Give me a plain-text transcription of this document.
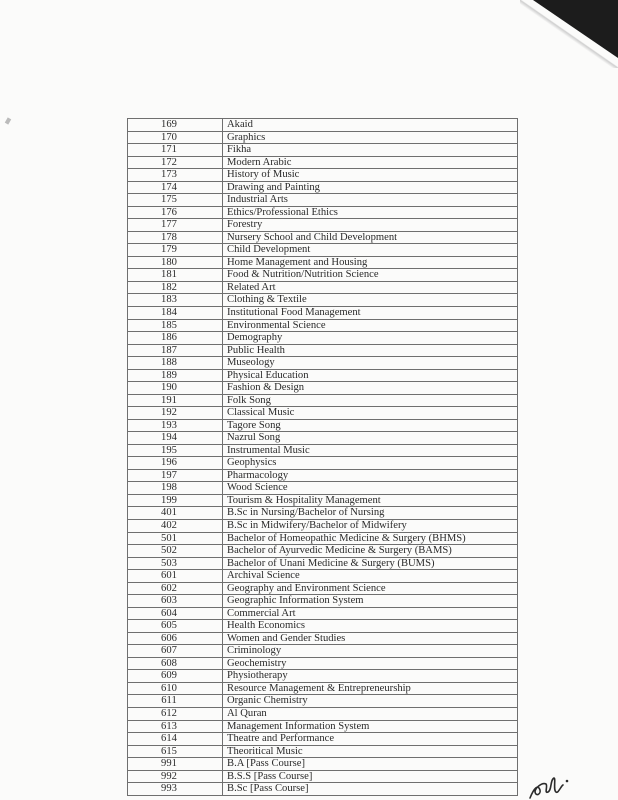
169	Akaid
170	Graphics
171	Fikha
172	Modern Arabic
173	History of Music
174	Drawing and Painting
175	Industrial Arts
176	Ethics/Professional Ethics
177	Forestry
178	Nursery School and Child Development
179	Child Development
180	Home Management and Housing
181	Food & Nutrition/Nutrition Science
182	Related Art
183	Clothing & Textile
184	Institutional Food Management
185	Environmental Science
186	Demography
187	Public Health
188	Museology
189	Physical Education
190	Fashion & Design
191	Folk Song
192	Classical Music
193	Tagore Song
194	Nazrul Song
195	Instrumental Music
196	Geophysics
197	Pharmacology
198	Wood Science
199	Tourism & Hospitality Management
401	B.Sc in Nursing/Bachelor of Nursing
402	B.Sc in Midwifery/Bachelor of Midwifery
501	Bachelor of Homeopathic Medicine & Surgery (BHMS)
502	Bachelor of Ayurvedic Medicine & Surgery (BAMS)
503	Bachelor of Unani Medicine & Surgery (BUMS)
601	Archival Science
602	Geography and Environment Science
603	Geographic Information System
604	Commercial Art
605	Health Economics
606	Women and Gender Studies
607	Criminology
608	Geochemistry
609	Physiotherapy
610	Resource Management & Entrepreneurship
611	Organic Chemistry
612	Al Quran
613	Management Information System
614	Theatre and Performance
615	Theoritical Music
991	B.A [Pass Course]
992	B.S.S [Pass Course]
993	B.Sc [Pass Course]
